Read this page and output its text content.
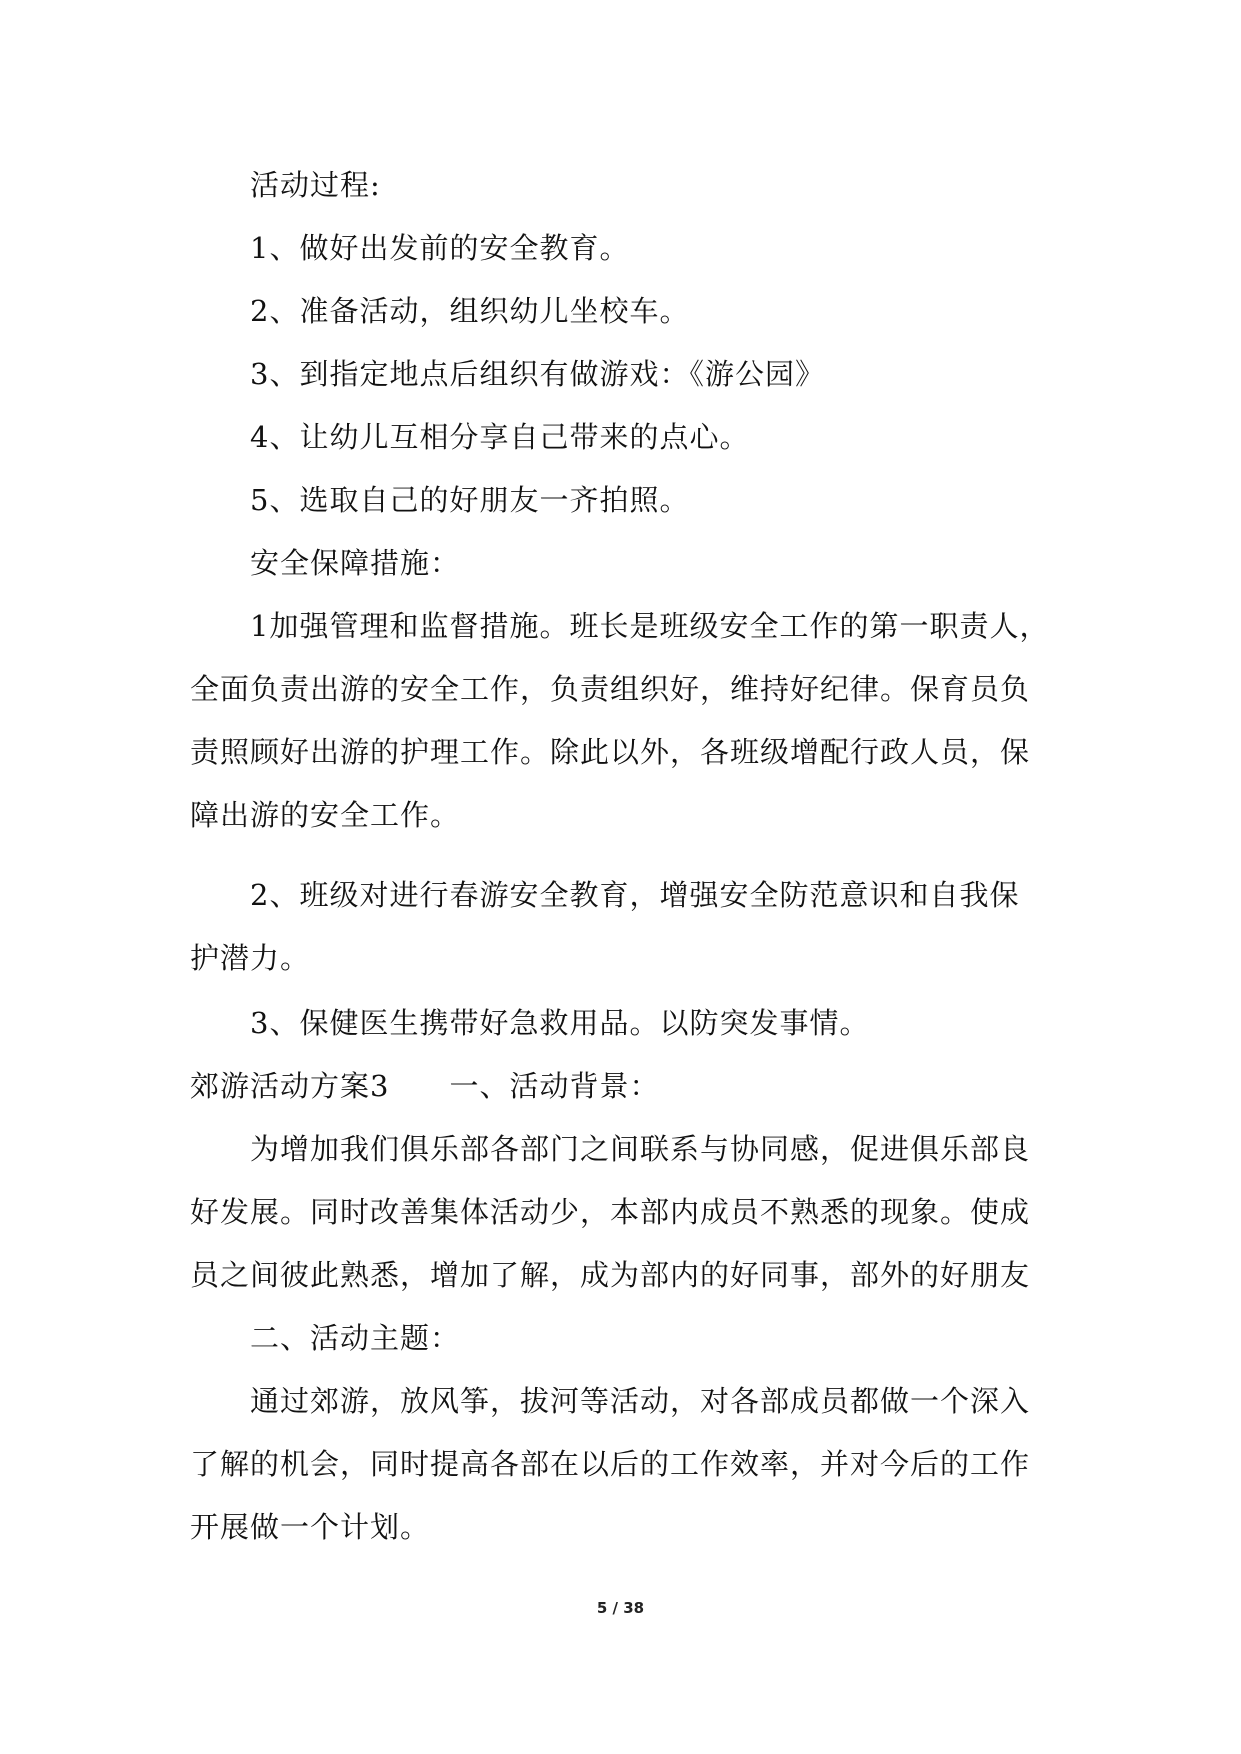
活动过程:
1、做好出发前的安全教育。
2、准备活动，组织幼儿坐校车。
3、到指定地点后组织有做游戏：《游公园》
4、让幼儿互相分享自己带来的点心。
5、选取自己的好朋友一齐拍照。
安全保障措施：
1加强管理和监督措施。班长是班级安全工作的第一职责人，
全面负责出游的安全工作，负责组织好，维持好纪律。保育员负
责照顾好出游的护理工作。除此以外，各班级增配行政人员，保
障出游的安全工作。
2、班级对进行春游安全教育，增强安全防范意识和自我保
护潜力。
3、保健医生携带好急救用品。以防突发事情。
郊游活动方案3　　一、活动背景：
为增加我们俱乐部各部门之间联系与协同感，促进俱乐部良
好发展。同时改善集体活动少，本部内成员不熟悉的现象。使成
员之间彼此熟悉，增加了解，成为部内的好同事，部外的好朋友
二、活动主题：
通过郊游，放风筝，拔河等活动，对各部成员都做一个深入
了解的机会，同时提高各部在以后的工作效率，并对今后的工作
开展做一个计划。
5 / 38
